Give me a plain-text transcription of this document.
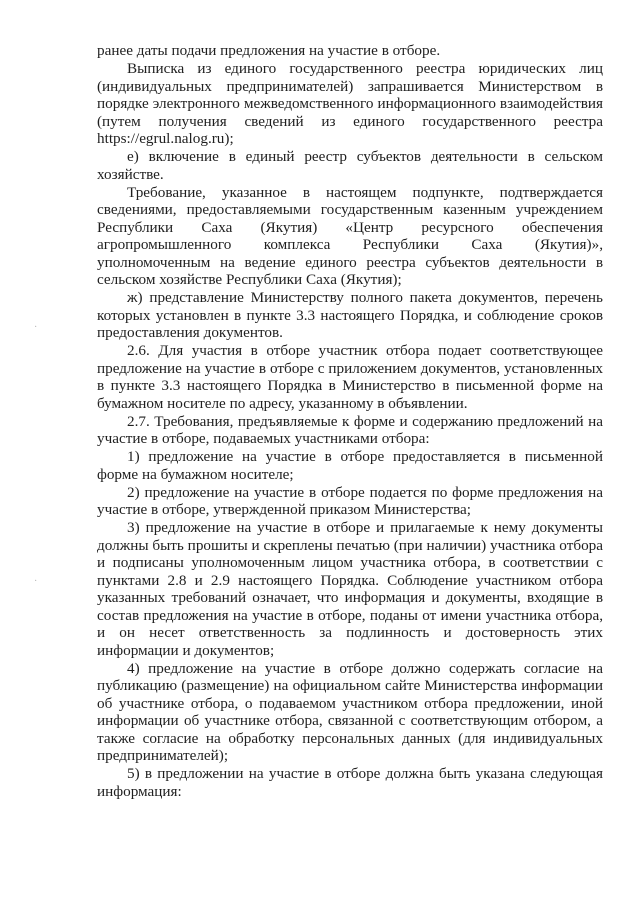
·
·

ранее даты подачи предложения на участие в отборе.

Выписка из единого государственного реестра юридических лиц (индивидуальных предпринимателей) запрашивается Министерством в порядке электронного межведомственного информационного взаимодействия (путем получения сведений из единого государственного реестра https://egrul.nalog.ru);

е) включение в единый реестр субъектов деятельности в сельском хозяйстве.

Требование, указанное в настоящем подпункте, подтверждается сведениями, предоставляемыми государственным казенным учреждением Республики Саха (Якутия) «Центр ресурсного обеспечения агропромышленного комплекса Республики Саха (Якутия)», уполномоченным на ведение единого реестра субъектов деятельности в сельском хозяйстве Республики Саха (Якутия);

ж) представление Министерству полного пакета документов, перечень которых установлен в пункте 3.3 настоящего Порядка, и соблюдение сроков предоставления документов.

2.6. Для участия в отборе участник отбора подает соответствующее предложение на участие в отборе с приложением документов, установленных в пункте 3.3 настоящего Порядка в Министерство в письменной форме на бумажном носителе по адресу, указанному в объявлении.

2.7. Требования, предъявляемые к форме и содержанию предложений на участие в отборе, подаваемых участниками отбора:

1) предложение на участие в отборе предоставляется в письменной форме на бумажном носителе;

2) предложение на участие в отборе подается по форме предложения на участие в отборе, утвержденной приказом Министерства;

3) предложение на участие в отборе и прилагаемые к нему документы должны быть прошиты и скреплены печатью (при наличии) участника отбора и подписаны уполномоченным лицом участника отбора, в соответствии с пунктами 2.8 и 2.9 настоящего Порядка. Соблюдение участником отбора указанных требований означает, что информация и документы, входящие в состав предложения на участие в отборе, поданы от имени участника отбора, и он несет ответственность за подлинность и достоверность этих информации и документов;

4) предложение на участие в отборе должно содержать согласие на публикацию (размещение) на официальном сайте Министерства информации об участнике отбора, о подаваемом участником отбора предложении, иной информации об участнике отбора, связанной с соответствующим отбором, а также согласие на обработку персональных данных (для индивидуальных предпринимателей);

5) в предложении на участие в отборе должна быть указана следующая информация:
